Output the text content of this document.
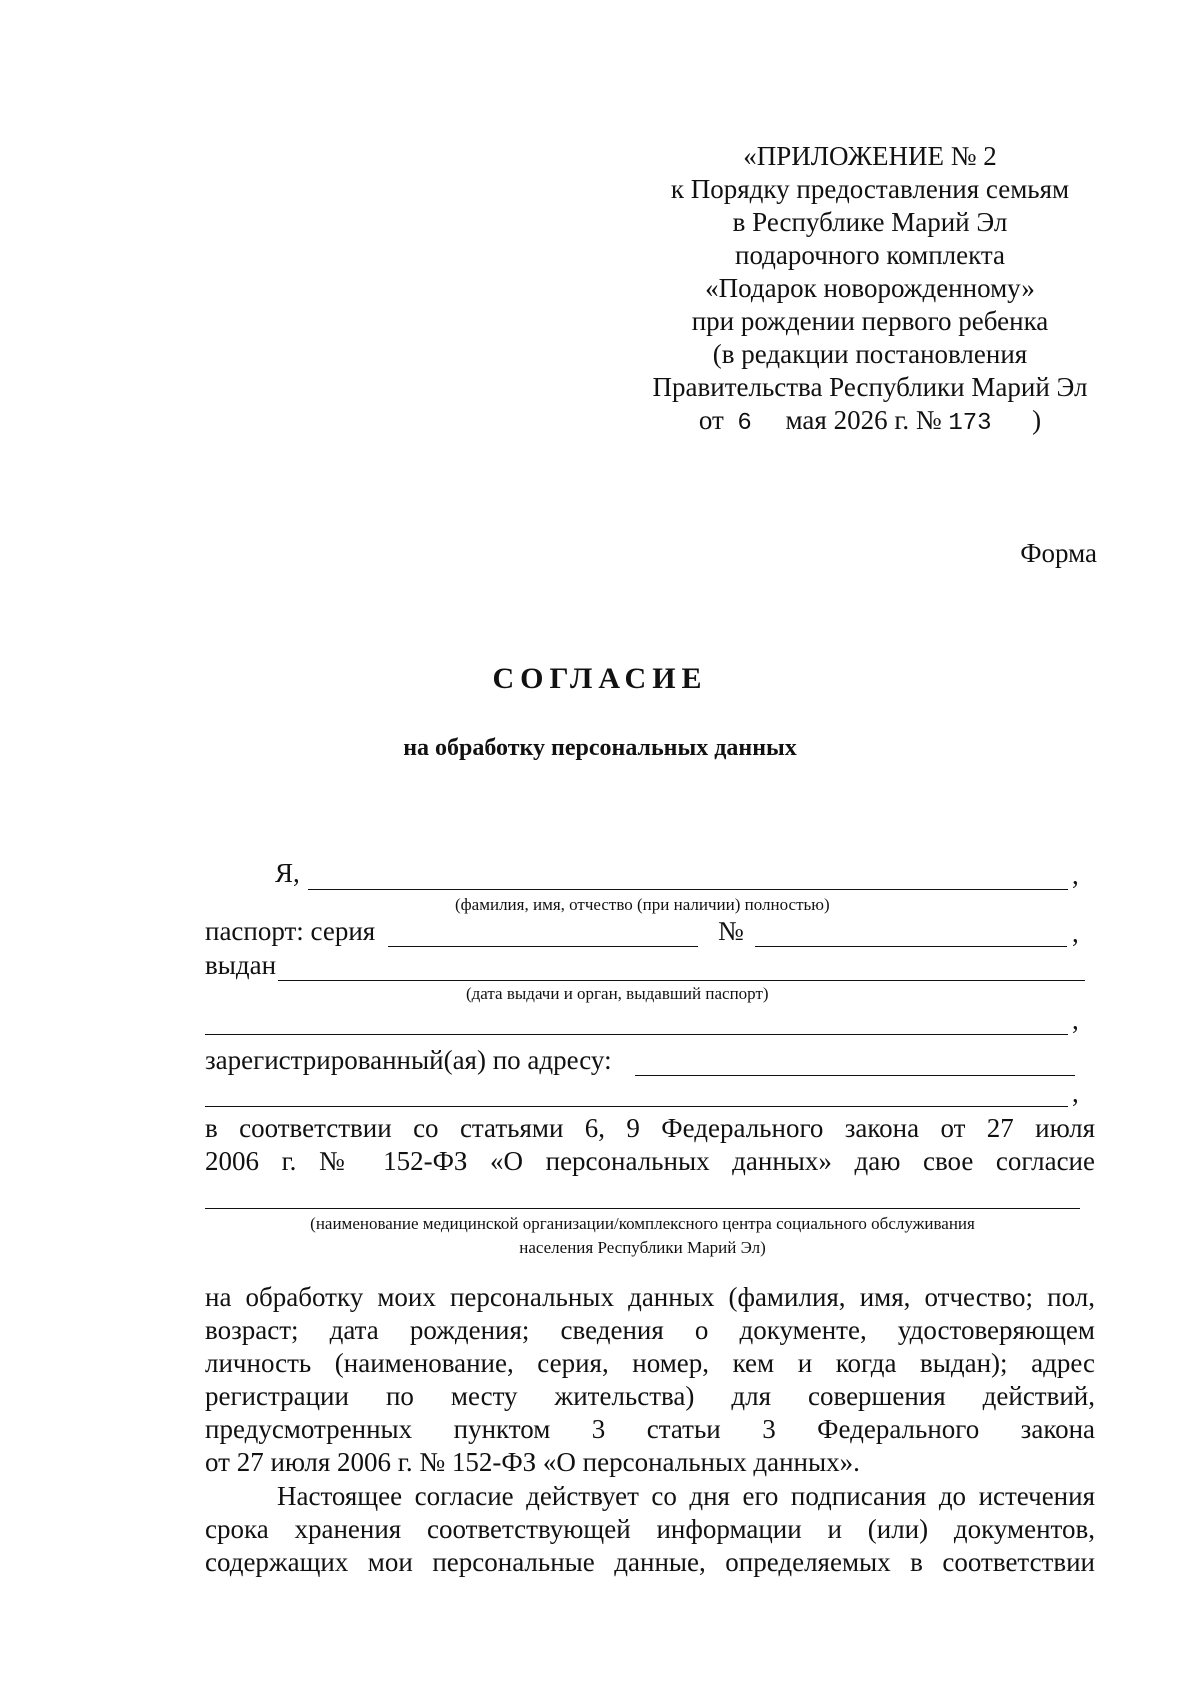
«ПРИЛОЖЕНИЕ № 2
к Порядку предоставления семьям
в Республике Марий Эл
подарочного комплекта
«Подарок новорожденному»
при рождении первого ребенка
(в редакции постановления
Правительства Республики Марий Эл
от 6 мая 2026 г. № 173 )
Форма
СОГЛАСИЕ
на обработку персональных данных
Я,	,
(фамилия, имя, отчество (при наличии) полностью)
паспорт: серия	№	,
выдан
(дата выдачи и орган, выдавший паспорт)
,
зарегистрированный(ая) по адресу:
,
в соответствии со статьями 6, 9 Федерального закона от 27 июля
2006 г. № 152-ФЗ «О персональных данных» даю свое согласие
(наименование медицинской организации/комплексного центра социального обслуживания
населения Республики Марий Эл)
на обработку моих персональных данных (фамилия, имя, отчество; пол,
возраст; дата рождения; сведения о документе, удостоверяющем
личность (наименование, серия, номер, кем и когда выдан); адрес
регистрации по месту жительства) для совершения действий,
предусмотренных пунктом 3 статьи 3 Федерального закона
от 27 июля 2006 г. № 152-ФЗ «О персональных данных».
Настоящее согласие действует со дня его подписания до истечения
срока хранения соответствующей информации и (или) документов,
содержащих мои персональные данные, определяемых в соответствии
